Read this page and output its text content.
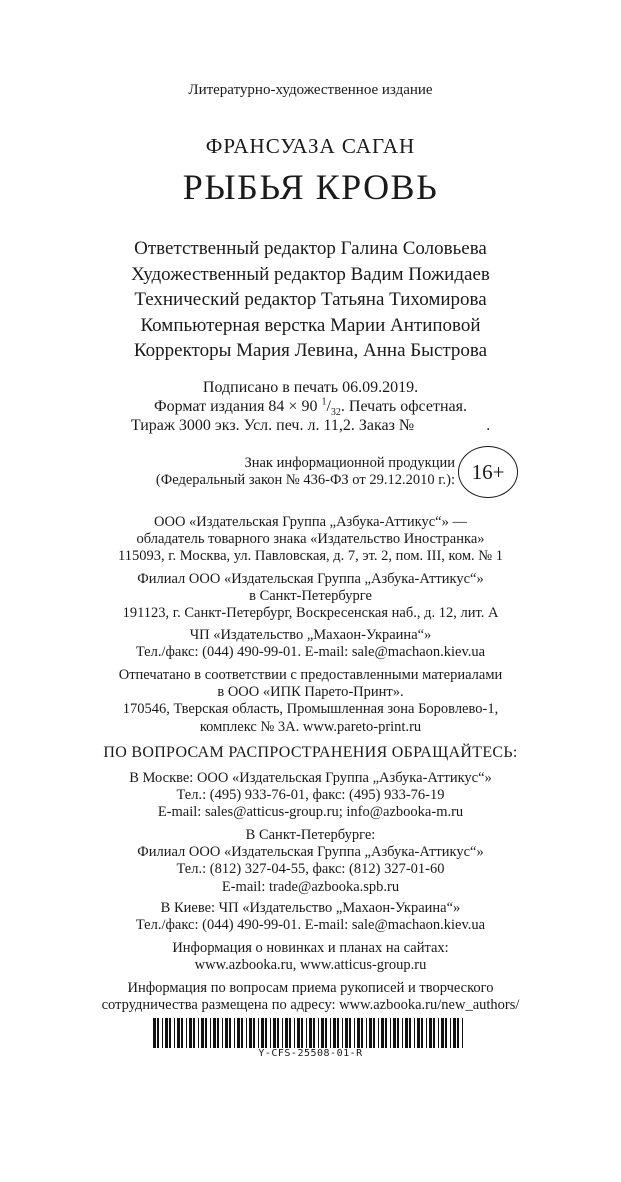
Литературно-художественное издание
ФРАНСУАЗА САГАН
РЫБЬЯ КРОВЬ
Ответственный редактор Галина Соловьева
Художественный редактор Вадим Пожидаев
Технический редактор Татьяна Тихомирова
Компьютерная верстка Марии Антиповой
Корректоры Мария Левина, Анна Быстрова
Подписано в печать 06.09.2019.
Формат издания 84 × 90 $^1/_{32}$. Печать офсетная.
Тираж 3000 экз. Усл. печ. л. 11,2. Заказ №	.
Знак информационной продукции
(Федеральный закон № 436-ФЗ от 29.12.2010 г.): 16+
ООО «Издательская Группа „Азбука-Аттикус“» —
обладатель товарного знака «Издательство Иностранка»
115093, г. Москва, ул. Павловская, д. 7, эт. 2, пом. III, ком. № 1
Филиал ООО «Издательская Группа „Азбука-Аттикус“»
в Санкт-Петербурге
191123, г. Санкт-Петербург, Воскресенская наб., д. 12, лит. А
ЧП «Издательство „Махаон-Украина“»
Тел./факс: (044) 490-99-01. E-mail: sale@machaon.kiev.ua
Отпечатано в соответствии с предоставленными материалами
в ООО «ИПК Парето-Принт».
170546, Тверская область, Промышленная зона Боровлево-1,
комплекс № 3А. www.pareto-print.ru
ПО ВОПРОСАМ РАСПРОСТРАНЕНИЯ ОБРАЩАЙТЕСЬ:
В Москве: ООО «Издательская Группа „Азбука-Аттикус“»
Тел.: (495) 933-76-01, факс: (495) 933-76-19
E-mail: sales@atticus-group.ru; info@azbooka-m.ru
В Санкт-Петербурге:
Филиал ООО «Издательская Группа „Азбука-Аттикус“»
Тел.: (812) 327-04-55, факс: (812) 327-01-60
E-mail: trade@azbooka.spb.ru
В Киеве: ЧП «Издательство „Махаон-Украина“»
Тел./факс: (044) 490-99-01. E-mail: sale@machaon.kiev.ua
Информация о новинках и планах на сайтах:
www.azbooka.ru, www.atticus-group.ru
Информация по вопросам приема рукописей и творческого
сотрудничества размещена по адресу: www.azbooka.ru/new_authors/
Y-CFS-25508-01-R
